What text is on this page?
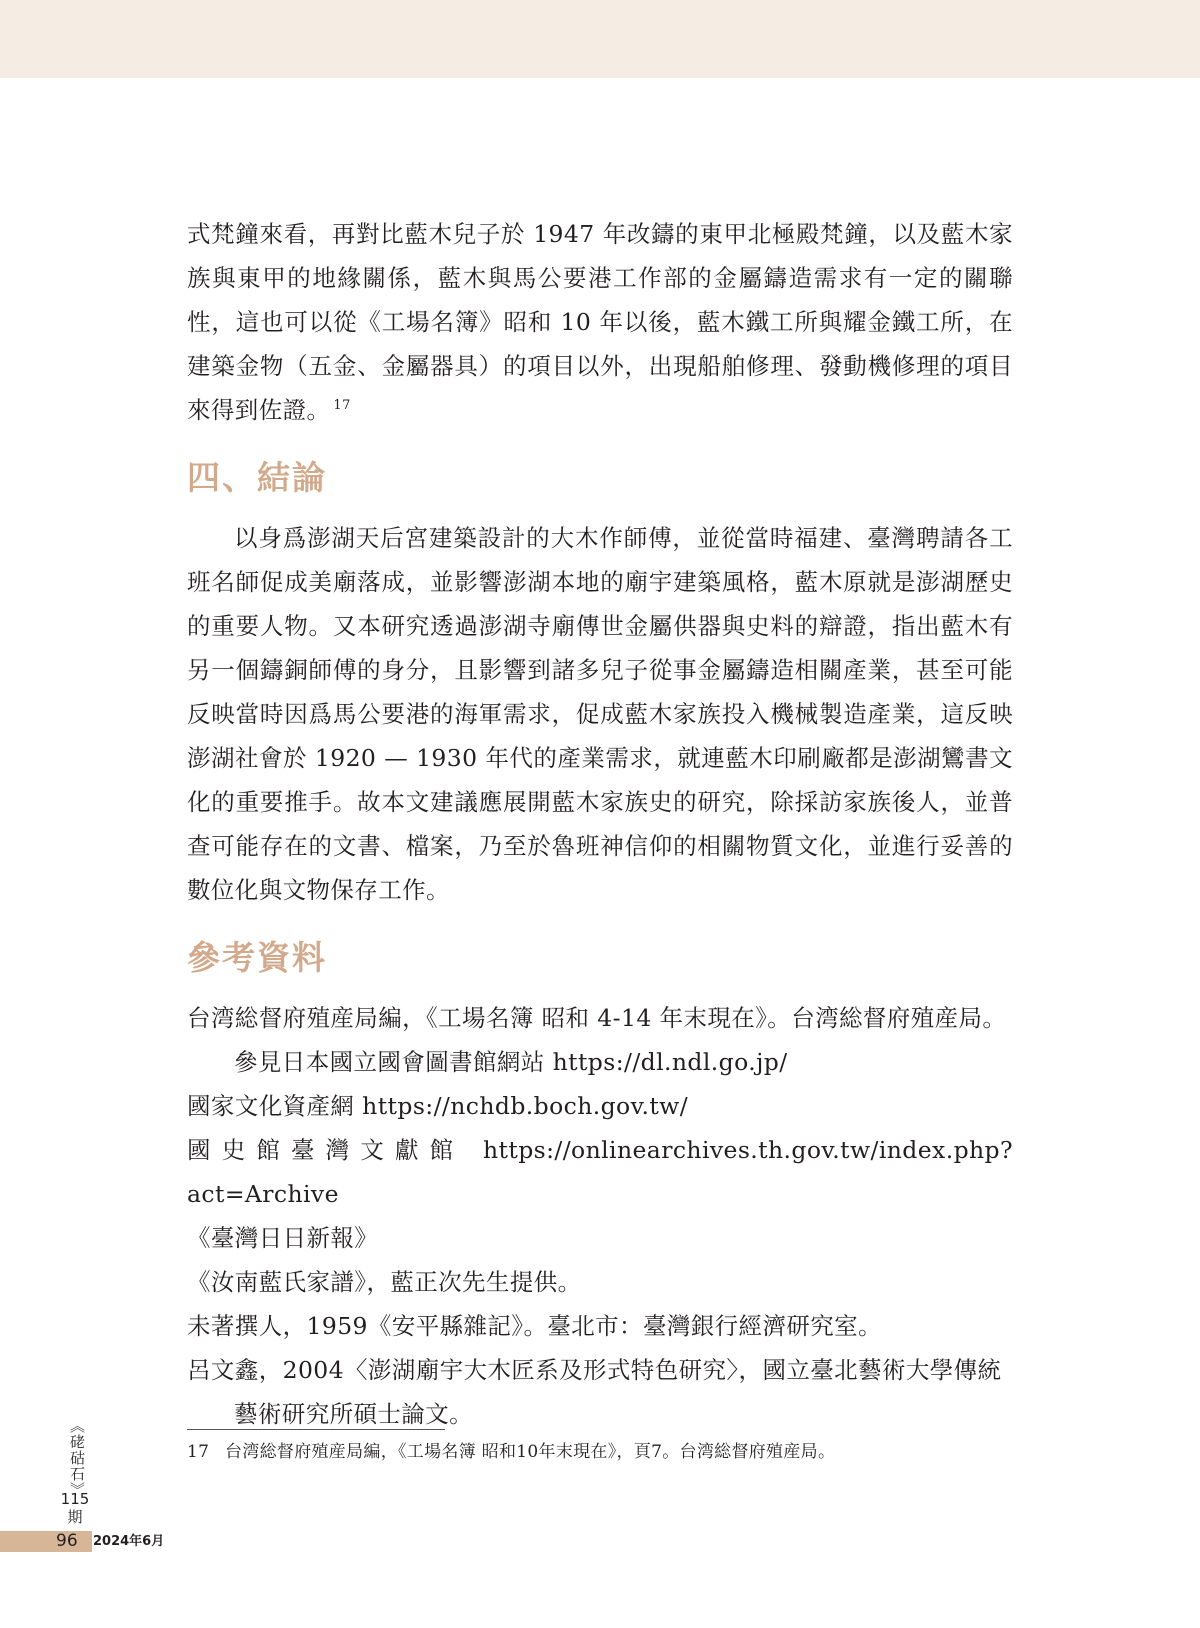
式梵鐘來看，再對比藍木兒子於 1947 年改鑄的東甲北極殿梵鐘，以及藍木家族與東甲的地緣關係，藍木與馬公要港工作部的金屬鑄造需求有一定的關聯性，這也可以從《工場名簿》昭和 10 年以後，藍木鐵工所與耀金鐵工所，在建築金物（五金、金屬器具）的項目以外，出現船舶修理、發動機修理的項目來得到佐證。 $^{17}$

四、結論

以身爲澎湖天后宮建築設計的大木作師傅，並從當時福建、臺灣聘請各工班名師促成美廟落成，並影響澎湖本地的廟宇建築風格，藍木原就是澎湖歷史的重要人物。又本研究透過澎湖寺廟傳世金屬供器與史料的辯證，指出藍木有另一個鑄銅師傅的身分，且影響到諸多兒子從事金屬鑄造相關產業，甚至可能反映當時因爲馬公要港的海軍需求，促成藍木家族投入機械製造產業，這反映澎湖社會於 1920 — 1930 年代的產業需求，就連藍木印刷廠都是澎湖鸞書文化的重要推手。故本文建議應展開藍木家族史的研究，除採訪家族後人，並普查可能存在的文書、檔案，乃至於魯班神信仰的相關物質文化，並進行妥善的數位化與文物保存工作。

參考資料

台湾総督府殖産局編，《工場名簿 昭和 4-14 年末現在》。台湾総督府殖産局。

參見日本國立國會圖書館網站 https://dl.ndl.go.jp/

國家文化資產網 https://nchdb.boch.gov.tw/

國史館臺灣文獻館 https://onlinearchives.th.gov.tw/index.php?act=Archive

《臺灣日日新報》

《汝南藍氏家譜》，藍正次先生提供。

未著撰人，1959《安平縣雜記》。臺北市：臺灣銀行經濟研究室。

呂文鑫，2004〈澎湖廟宇大木匠系及形式特色研究〉，國立臺北藝術大學傳統

藝術研究所碩士論文。

17 台湾総督府殖産局編，《工場名簿 昭和10年末現在》，頁7。台湾総督府殖産局。
《硓𥑮石》
115
期
96 2024年6月
